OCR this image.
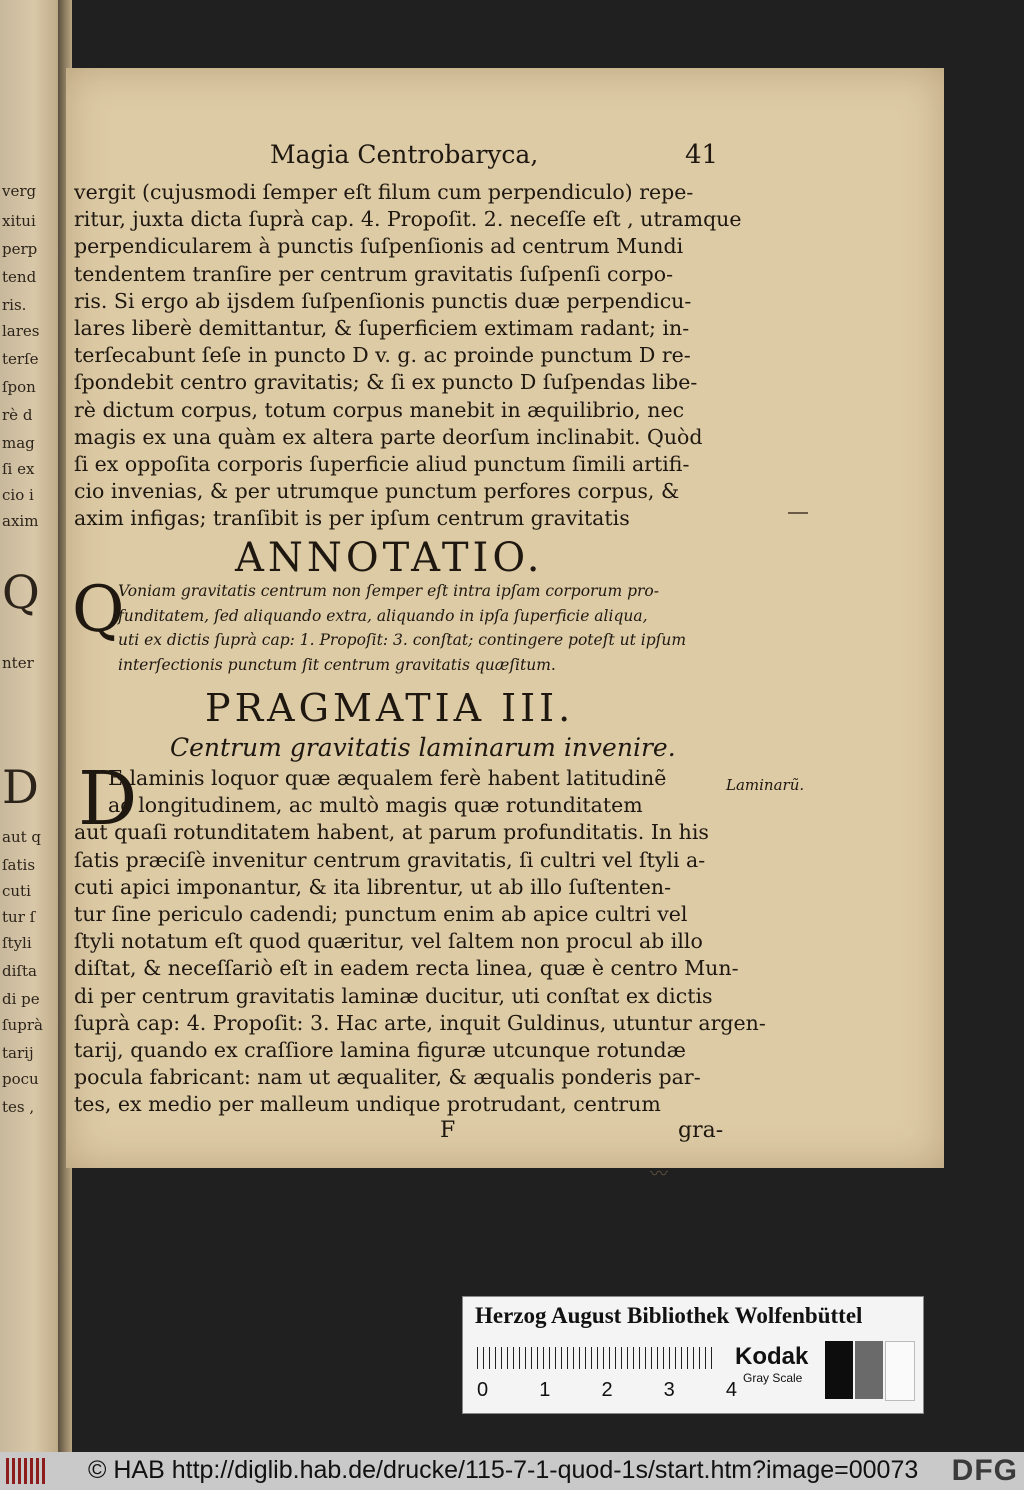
verg
xitui
perp
tend
ris.
lares
terſe
ſpon
rè d
mag
ſi ex
cio i
axim
Q
nter
D
aut q
ſatis
cuti
tur ſ
ſtyli
diſta
di pe
ſuprà
tarij
pocu
tes ,
Magia Centrobaryca,	41
vergit (cujusmodi ſemper eſt filum cum perpendiculo) repe-
ritur, juxta dicta ſuprà cap. 4. Propoſit. 2. neceſſe eſt , utramque
perpendicularem à punctis ſuſpenſionis ad centrum Mundi
tendentem tranſire per centrum gravitatis ſuſpenſi corpo-
ris. Si ergo ab ijsdem ſuſpenſionis punctis duæ perpendicu-
lares liberè demittantur, & ſuperficiem extimam radant; in-
terſecabunt ſeſe in puncto D v. g. ac proinde punctum D re-
ſpondebit centro gravitatis; & ſi ex puncto D ſuſpendas libe-
rè dictum corpus, totum corpus manebit in æquilibrio, nec
magis ex una quàm ex altera parte deorſum inclinabit. Quòd
ſi ex oppoſita corporis ſuperficie aliud punctum ſimili artifi-
cio invenias, & per utrumque punctum perfores corpus, &
axim infigas; tranſibit is per ipſum centrum gravitatis
ANNOTATIO.
Q
Voniam gravitatis centrum non ſemper eſt intra ipſam corporum pro-
funditatem, ſed aliquando extra, aliquando in ipſa ſuperficie aliqua,
uti ex dictis ſuprà cap: 1. Propoſit: 3. conſtat; contingere poteſt ut ipſum
interſectionis punctum ſit centrum gravitatis quæſitum.
PRAGMATIA III.
Centrum gravitatis laminarum invenire.
D	Laminarũ.
E laminis loquor quæ æqualem ferè habent latitudinẽ
ac longitudinem, ac multò magis quæ rotunditatem
aut quaſi rotunditatem habent, at parum profunditatis. In his
ſatis præciſè invenitur centrum gravitatis, ſi cultri vel ſtyli a-
cuti apici imponantur, & ita librentur, ut ab illo ſuſtenten-
tur ſine periculo cadendi; punctum enim ab apice cultri vel
ſtyli notatum eſt quod quæritur, vel ſaltem non procul ab illo
diſtat, & neceſſariò eſt in eadem recta linea, quæ è centro Mun-
di per centrum gravitatis laminæ ducitur, uti conſtat ex dictis
ſuprà cap: 4. Propoſit: 3. Hac arte, inquit Guldinus, utuntur argen-
tarij, quando ex craſſiore lamina figuræ utcunque rotundæ
pocula fabricant: nam ut æqualiter, & æqualis ponderis par-
tes, ex medio per malleum undique protrudant, centrum
F	gra-
〰
Herzog August Bibliothek Wolfenbüttel
0	1	2	3	4
Kodak
Gray Scale
© HAB http://diglib.hab.de/drucke/115-7-1-quod-1s/start.htm?image=00073 DFG
